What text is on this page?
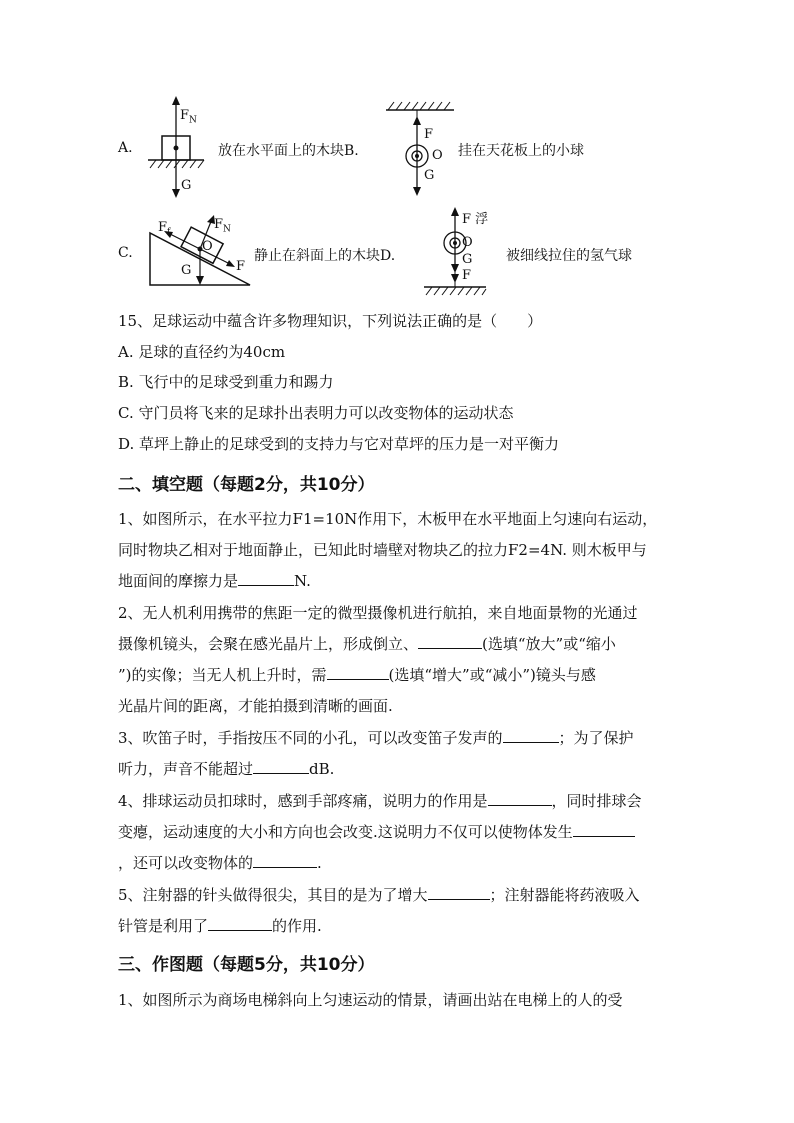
A.
$F_N$
G
放在水平面上的木块B.
F
O
G
挂在天花板上的小球
C.
$F_f$
$F_N$
O
G	F
静止在斜面上的木块D.
F 浮
O
G
F
被细线拉住的氢气球
15、足球运动中蕴含许多物理知识，下列说法正确的是（　　）
A. 足球的直径约为40cm
B. 飞行中的足球受到重力和踢力
C. 守门员将飞来的足球扑出表明力可以改变物体的运动状态
D. 草坪上静止的足球受到的支持力与它对草坪的压力是一对平衡力
二、填空题（每题2分，共10分）
1、如图所示，在水平拉力F1=10N作用下，木板甲在水平地面上匀速向右运动，
同时物块乙相对于地面静止，已知此时墙壁对物块乙的拉力F2=4N. 则木板甲与
地面间的摩擦力是	N.
2、无人机利用携带的焦距一定的微型摄像机进行航拍，来自地面景物的光通过
摄像机镜头，会聚在感光晶片上，形成倒立、	(选填“放大”或“缩小
”)的实像；当无人机上升时，需	(选填“增大”或“减小”)镜头与感
光晶片间的距离，才能拍摄到清晰的画面.
3、吹笛子时，手指按压不同的小孔，可以改变笛子发声的	；为了保护
听力，声音不能超过	dB.
4、排球运动员扣球时，感到手部疼痛，说明力的作用是	，同时排球会
变瘪，运动速度的大小和方向也会改变.这说明力不仅可以使物体发生
，还可以改变物体的	.
5、注射器的针头做得很尖，其目的是为了增大	；注射器能将药液吸入
针管是利用了	的作用.
三、作图题（每题5分，共10分）
1、如图所示为商场电梯斜向上匀速运动的情景，请画出站在电梯上的人的受
